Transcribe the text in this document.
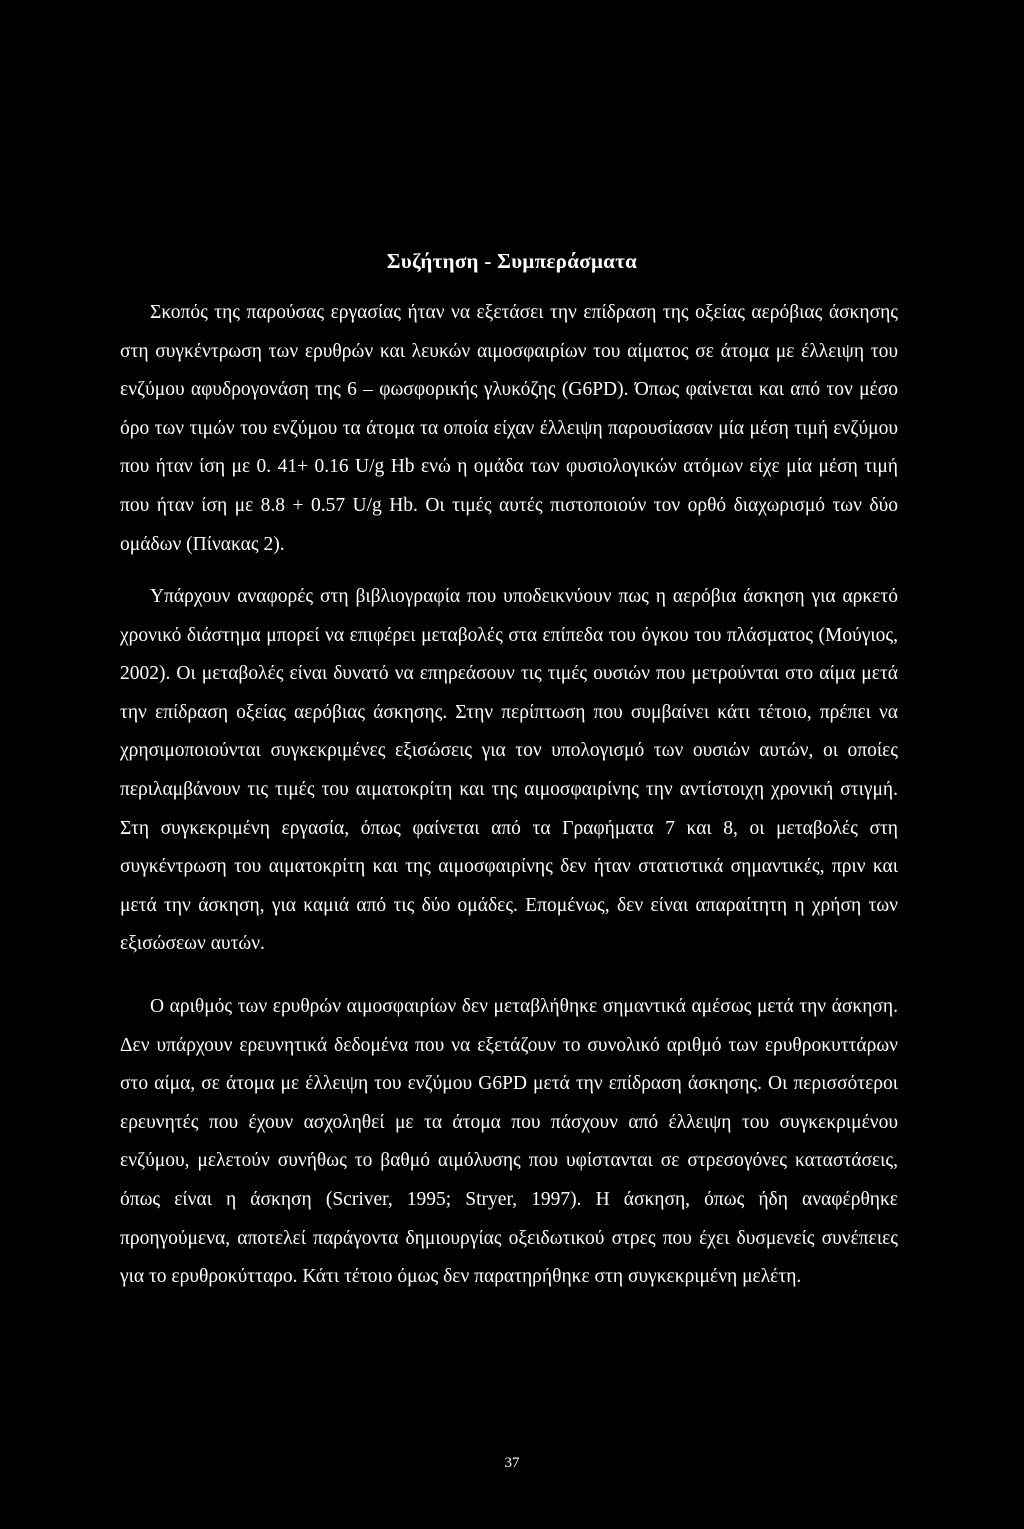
Συζήτηση - Συμπεράσματα

Σκοπός της παρούσας εργασίας ήταν να εξετάσει την επίδραση της οξείας αερόβιας άσκησης στη συγκέντρωση των ερυθρών και λευκών αιμοσφαιρίων του αίματος σε άτομα με έλλειψη του ενζύμου αφυδρογονάση της 6 – φωσφορικής γλυκόζης (G6PD). Όπως φαίνεται και από τον μέσο όρο των τιμών του ενζύμου τα άτομα τα οποία είχαν έλλειψη παρουσίασαν μία μέση τιμή ενζύμου που ήταν ίση με 0. 41+ 0.16 U/g Hb ενώ η ομάδα των φυσιολογικών ατόμων είχε μία μέση τιμή που ήταν ίση με 8.8 + 0.57 U/g Hb. Οι τιμές αυτές πιστοποιούν τον ορθό διαχωρισμό των δύο ομάδων (Πίνακας 2).

Υπάρχουν αναφορές στη βιβλιογραφία που υποδεικνύουν πως η αερόβια άσκηση για αρκετό χρονικό διάστημα μπορεί να επιφέρει μεταβολές στα επίπεδα του όγκου του πλάσματος (Μούγιος, 2002). Οι μεταβολές είναι δυνατό να επηρεάσουν τις τιμές ουσιών που μετρούνται στο αίμα μετά την επίδραση οξείας αερόβιας άσκησης. Στην περίπτωση που συμβαίνει κάτι τέτοιο, πρέπει να χρησιμοποιούνται συγκεκριμένες εξισώσεις για τον υπολογισμό των ουσιών αυτών, οι οποίες περιλαμβάνουν τις τιμές του αιματοκρίτη και της αιμοσφαιρίνης την αντίστοιχη χρονική στιγμή. Στη συγκεκριμένη εργασία, όπως φαίνεται από τα Γραφήματα 7 και 8, οι μεταβολές στη συγκέντρωση του αιματοκρίτη και της αιμοσφαιρίνης δεν ήταν στατιστικά σημαντικές, πριν και μετά την άσκηση, για καμιά από τις δύο ομάδες. Επομένως, δεν είναι απαραίτητη η χρήση των εξισώσεων αυτών.

Ο αριθμός των ερυθρών αιμοσφαιρίων δεν μεταβλήθηκε σημαντικά αμέσως μετά την άσκηση. Δεν υπάρχουν ερευνητικά δεδομένα που να εξετάζουν το συνολικό αριθμό των ερυθροκυττάρων στο αίμα, σε άτομα με έλλειψη του ενζύμου G6PD μετά την επίδραση άσκησης. Οι περισσότεροι ερευνητές που έχουν ασχοληθεί με τα άτομα που πάσχουν από έλλειψη του συγκεκριμένου ενζύμου, μελετούν συνήθως το βαθμό αιμόλυσης που υφίστανται σε στρεσογόνες καταστάσεις, όπως είναι η άσκηση (Scriver, 1995; Stryer, 1997). Η άσκηση, όπως ήδη αναφέρθηκε προηγούμενα, αποτελεί παράγοντα δημιουργίας οξειδωτικού στρες που έχει δυσμενείς συνέπειες για το ερυθροκύτταρο. Κάτι τέτοιο όμως δεν παρατηρήθηκε στη συγκεκριμένη μελέτη.

37
